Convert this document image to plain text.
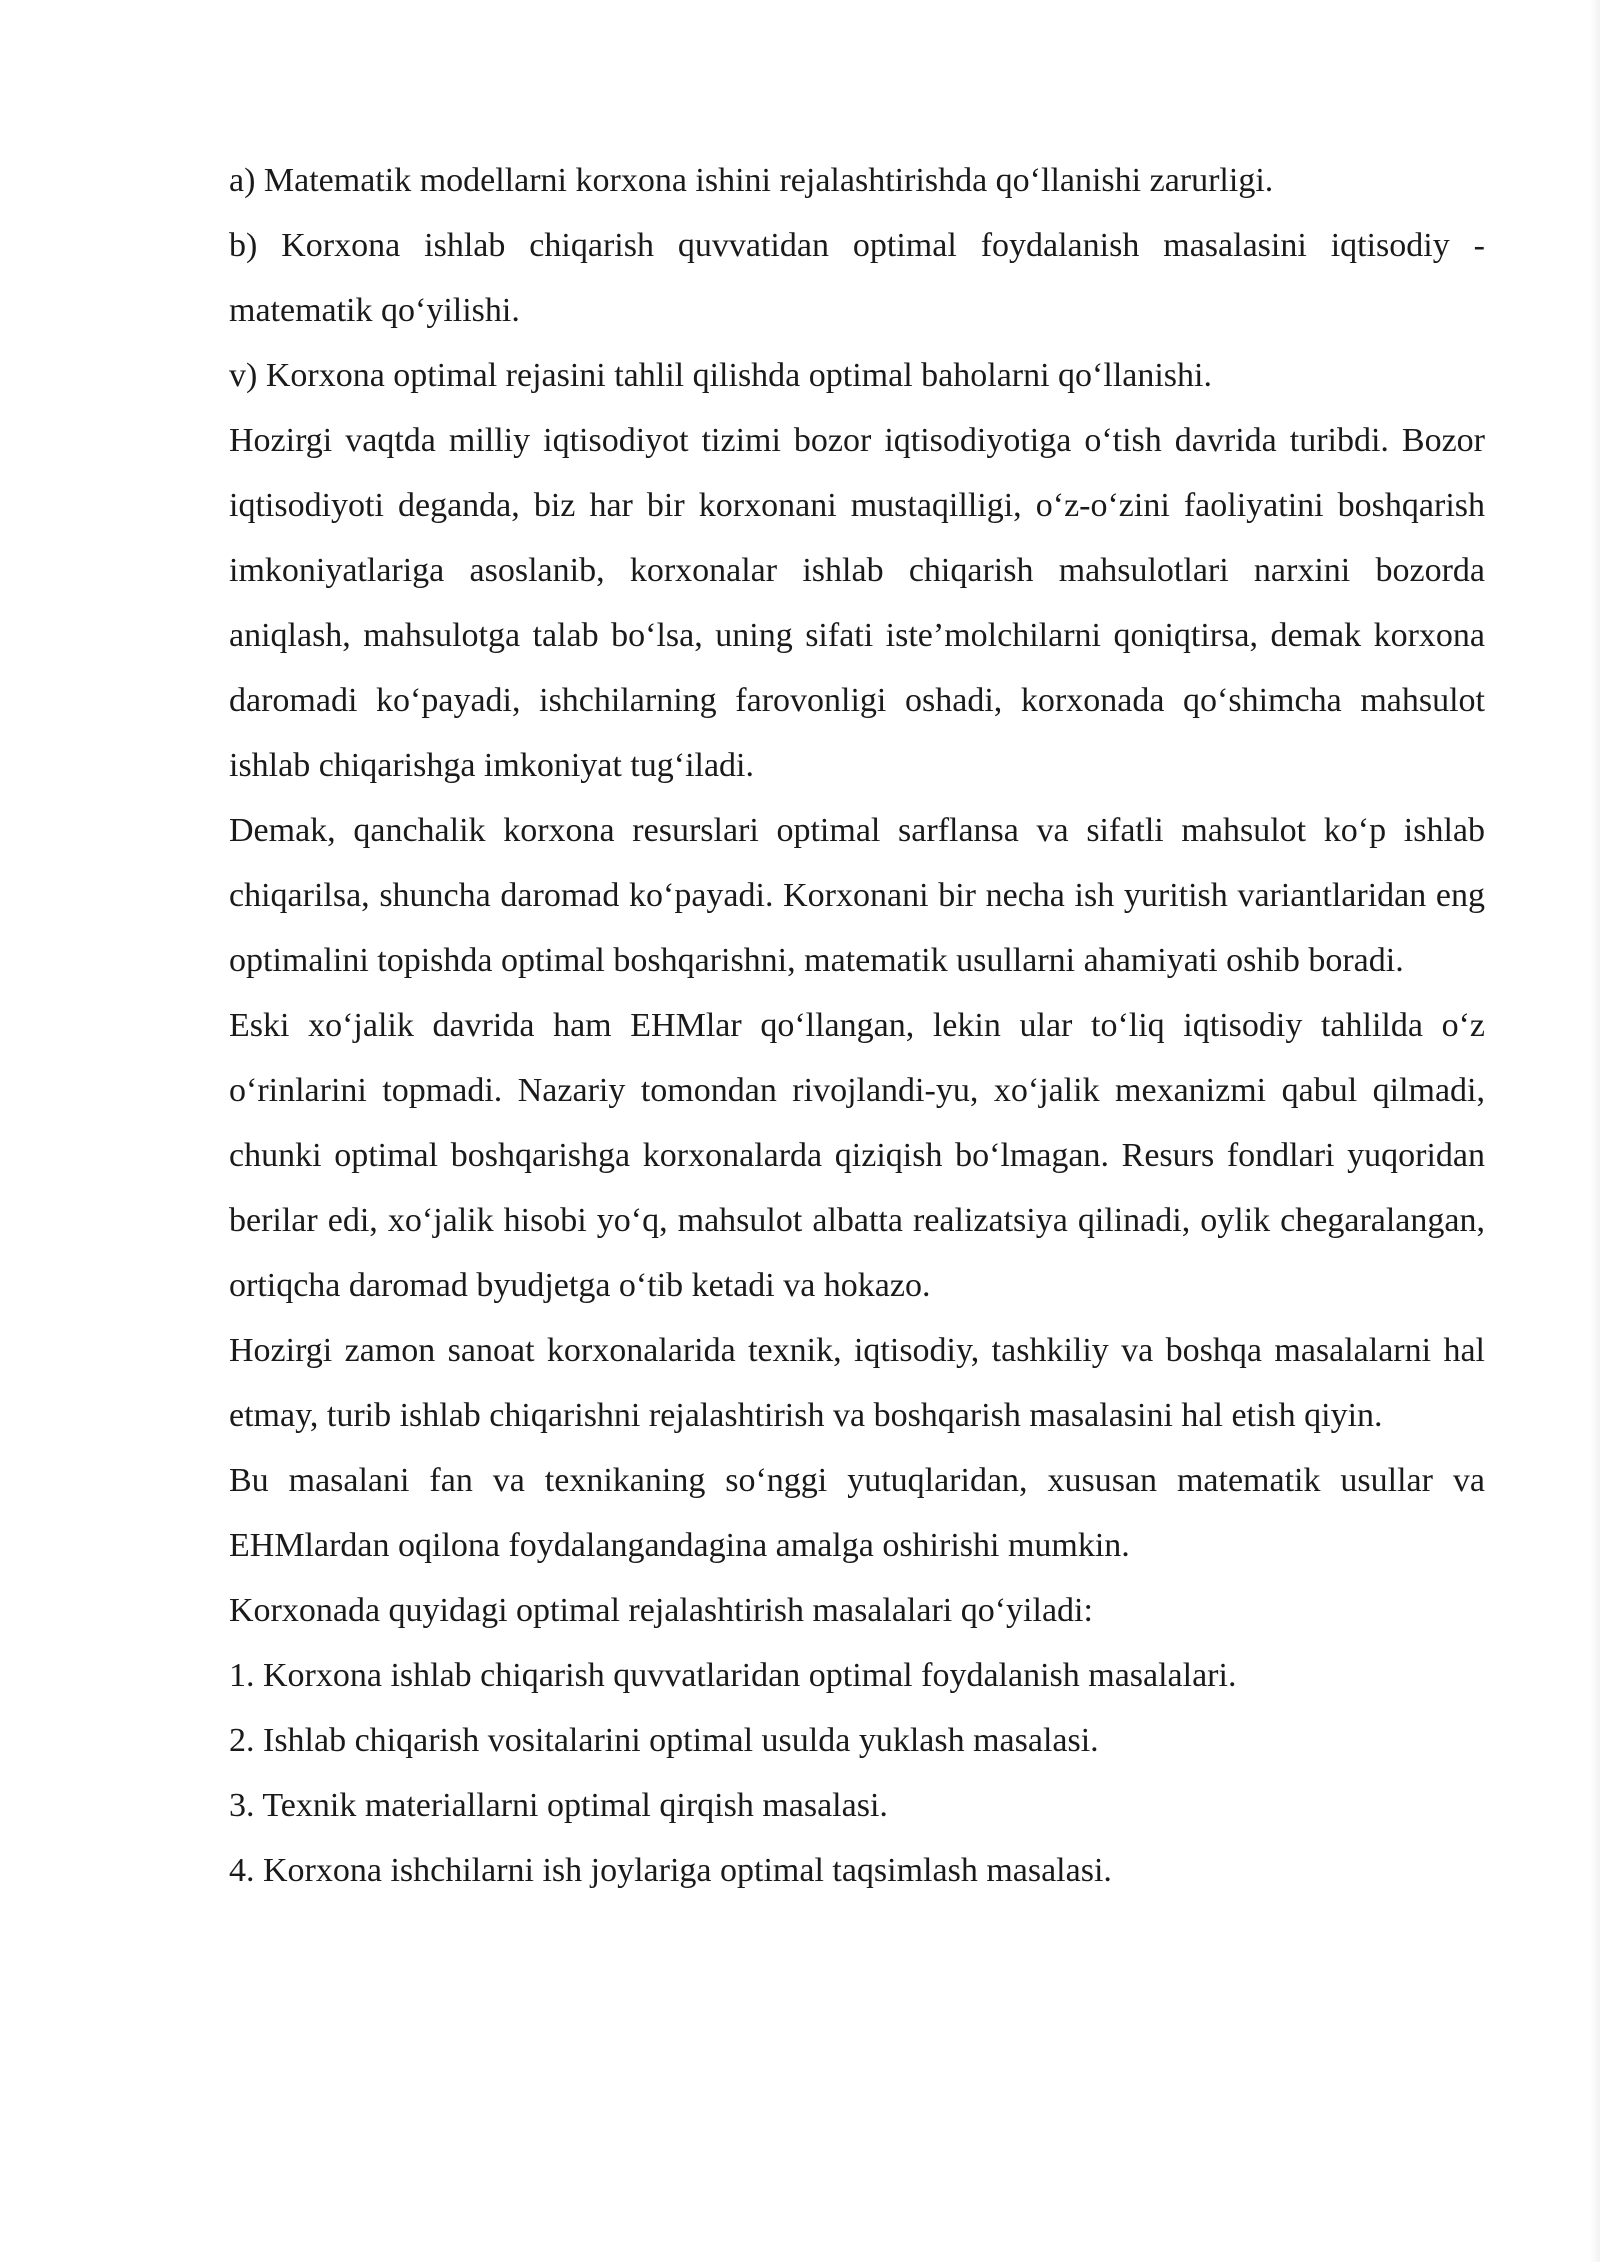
a) Matematik modellarni korxona ishini rejalashtirishda qo‘llanishi zarurligi.

b) Korxona ishlab chiqarish quvvatidan optimal foydalanish masalasini iqtisodiy - matematik qo‘yilishi.

v) Korxona optimal rejasini tahlil qilishda optimal baholarni qo‘llanishi.

Hozirgi vaqtda milliy iqtisodiyot tizimi bozor iqtisodiyotiga o‘tish davrida turibdi. Bozor iqtisodiyoti deganda, biz har bir korxonani mustaqilligi, o‘z-o‘zini faoliyatini boshqarish imkoniyatlariga asoslanib, korxonalar ishlab chiqarish mahsulotlari narxini bozorda aniqlash, mahsulotga talab bo‘lsa, uning sifati iste’molchilarni qoniqtirsa, demak korxona daromadi ko‘payadi, ishchilarning farovonligi oshadi, korxonada qo‘shimcha mahsulot ishlab chiqarishga imkoniyat tug‘iladi.

Demak, qanchalik korxona resurslari optimal sarflansa va sifatli mahsulot ko‘p ishlab chiqarilsa, shuncha daromad ko‘payadi. Korxonani bir necha ish yuritish variantlaridan eng optimalini topishda optimal boshqarishni, matematik usullarni ahamiyati oshib boradi.

Eski xo‘jalik davrida ham EHMlar qo‘llangan, lekin ular to‘liq iqtisodiy tahlilda o‘z o‘rinlarini topmadi. Nazariy tomondan rivojlandi-yu, xo‘jalik mexanizmi qabul qilmadi, chunki optimal boshqarishga korxonalarda qiziqish bo‘lmagan. Resurs fondlari yuqoridan berilar edi, xo‘jalik hisobi yo‘q, mahsulot albatta realizatsiya qilinadi, oylik chegaralangan, ortiqcha daromad byudjetga o‘tib ketadi va hokazo.

Hozirgi zamon sanoat korxonalarida texnik, iqtisodiy, tashkiliy va boshqa masalalarni hal etmay, turib ishlab chiqarishni rejalashtirish va boshqarish masalasini hal etish qiyin.

Bu masalani fan va texnikaning so‘nggi yutuqlaridan, xususan matematik usullar va EHMlardan oqilona foydalangandagina amalga oshirishi mumkin.

Korxonada quyidagi optimal rejalashtirish masalalari qo‘yiladi:

1. Korxona ishlab chiqarish quvvatlaridan optimal foydalanish masalalari.

2. Ishlab chiqarish vositalarini optimal usulda yuklash masalasi.

3. Texnik materiallarni optimal qirqish masalasi.

4. Korxona ishchilarni ish joylariga optimal taqsimlash masalasi.
